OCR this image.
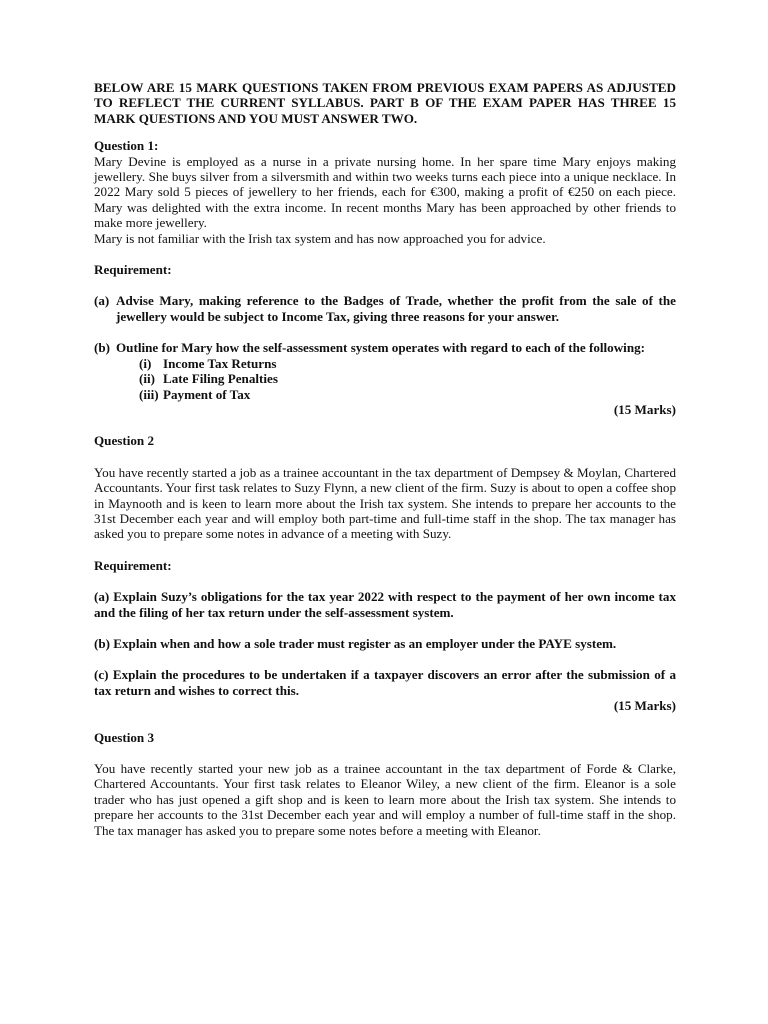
BELOW ARE 15 MARK QUESTIONS TAKEN FROM PREVIOUS EXAM PAPERS AS ADJUSTED TO REFLECT THE CURRENT SYLLABUS. PART B OF THE EXAM PAPER HAS THREE 15 MARK QUESTIONS AND YOU MUST ANSWER TWO.

Question 1:

Mary Devine is employed as a nurse in a private nursing home. In her spare time Mary enjoys making jewellery. She buys silver from a silversmith and within two weeks turns each piece into a unique necklace. In 2022 Mary sold 5 pieces of jewellery to her friends, each for €300, making a profit of €250 on each piece. Mary was delighted with the extra income. In recent months Mary has been approached by other friends to make more jewellery.

Mary is not familiar with the Irish tax system and has now approached you for advice.

Requirement:

(a) Advise Mary, making reference to the Badges of Trade, whether the profit from the sale of the jewellery would be subject to Income Tax, giving three reasons for your answer.
(b) Outline for Mary how the self-assessment system operates with regard to each of the following:
(i) Income Tax Returns
(ii) Late Filing Penalties
(iii) Payment of Tax

(15 Marks)

Question 2

You have recently started a job as a trainee accountant in the tax department of Dempsey & Moylan, Chartered Accountants. Your first task relates to Suzy Flynn, a new client of the firm. Suzy is about to open a coffee shop in Maynooth and is keen to learn more about the Irish tax system. She intends to prepare her accounts to the 31st December each year and will employ both part-time and full-time staff in the shop. The tax manager has asked you to prepare some notes in advance of a meeting with Suzy.

Requirement:

(a) Explain Suzy’s obligations for the tax year 2022 with respect to the payment of her own income tax and the filing of her tax return under the self-assessment system.

(b) Explain when and how a sole trader must register as an employer under the PAYE system.

(c) Explain the procedures to be undertaken if a taxpayer discovers an error after the submission of a tax return and wishes to correct this.

(15 Marks)

Question 3

You have recently started your new job as a trainee accountant in the tax department of Forde & Clarke, Chartered Accountants. Your first task relates to Eleanor Wiley, a new client of the firm. Eleanor is a sole trader who has just opened a gift shop and is keen to learn more about the Irish tax system. She intends to prepare her accounts to the 31st December each year and will employ a number of full-time staff in the shop. The tax manager has asked you to prepare some notes before a meeting with Eleanor.
